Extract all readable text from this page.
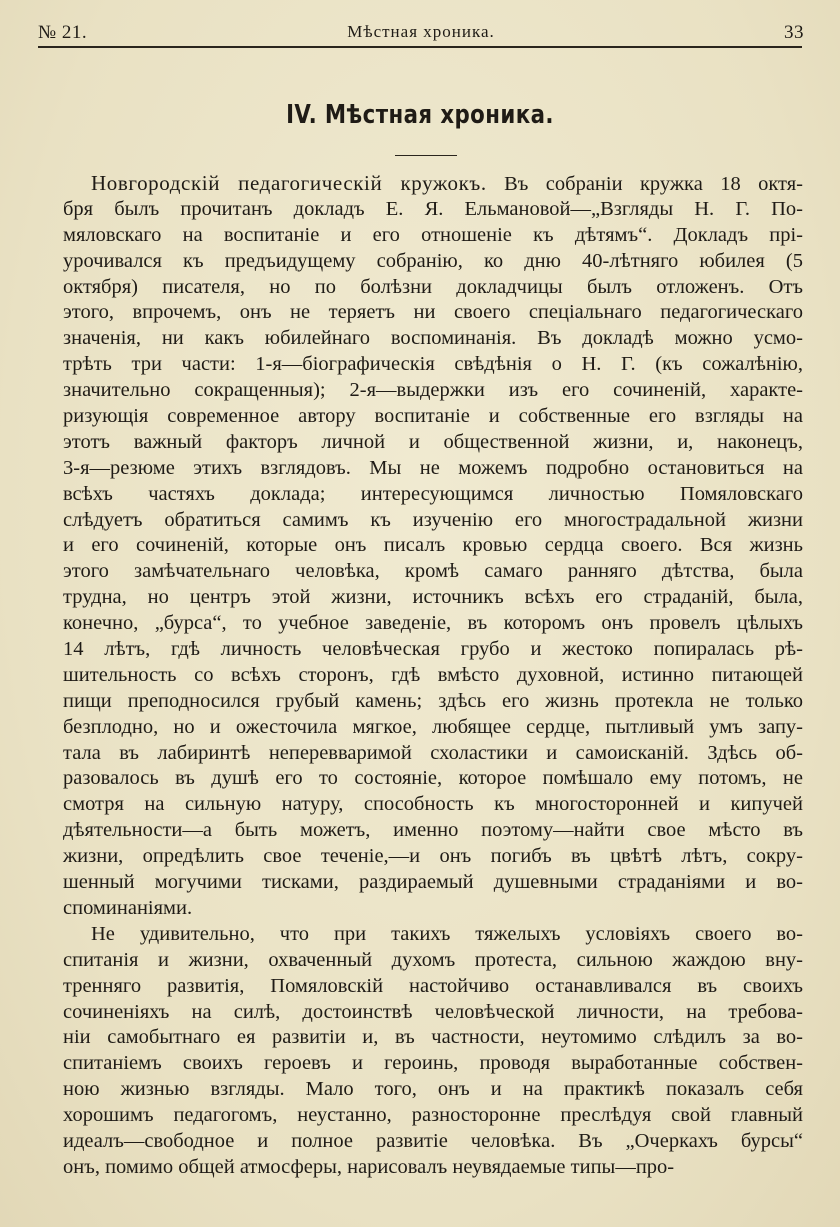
№ 21.	Мѣстная хроника.	33
IV. Мѣстная хроника.
Новгородскiй педагогическiй кружокъ. Въ собранiи кружка 18 октя-
бря былъ прочитанъ докладъ Е. Я. Ельмановой—„Взгляды Н. Г. По-
мяловскаго на воспитанiе и его отношенiе къ дѣтямъ“. Докладъ прi-
урочивался къ предъидущему собранiю, ко дню 40-лѣтняго юбилея (5
октября) писателя, но по болѣзни докладчицы былъ отложенъ. Отъ
этого, впрочемъ, онъ не теряетъ ни своего спецiальнаго педагогическаго
значенiя, ни какъ юбилейнаго воспоминанiя. Въ докладѣ можно усмо-
трѣть три части: 1-я—бiографическiя свѣдѣнiя о Н. Г. (къ сожалѣнiю,
значительно сокращенныя); 2-я—выдержки изъ его сочиненiй, характе-
ризующiя современное автору воспитанiе и собственные его взгляды на
этотъ важный факторъ личной и общественной жизни, и, наконецъ,
3-я—резюме этихъ взглядовъ. Мы не можемъ подробно остановиться на
всѣхъ частяхъ доклада; интересующимся личностью Помяловскаго
слѣдуетъ обратиться самимъ къ изученiю его многострадальной жизни
и его сочиненiй, которые онъ писалъ кровью сердца своего. Вся жизнь
этого замѣчательнаго человѣка, кромѣ самаго ранняго дѣтства, была
трудна, но центръ этой жизни, источникъ всѣхъ его страданiй, была,
конечно, „бурса“, то учебное заведенiе, въ которомъ онъ провелъ цѣлыхъ
14 лѣтъ, гдѣ личность человѣческая грубо и жестоко попиралась рѣ-
шительность со всѣхъ сторонъ, гдѣ вмѣсто духовной, истинно питающей
пищи преподносился грубый камень; здѣсь его жизнь протекла не только
безплодно, но и ожесточила мягкое, любящее сердце, пытливый умъ запу-
тала въ лабиринтѣ неперевваримой схоластики и самоисканiй. Здѣсь об-
разовалось въ душѣ его то состоянiе, которое помѣшало ему потомъ, не
смотря на сильную натуру, способность къ многосторонней и кипучей
дѣятельности—а быть можетъ, именно поэтому—найти свое мѣсто въ
жизни, опредѣлить свое теченiе,—и онъ погибъ въ цвѣтѣ лѣтъ, сокру-
шенный могучими тисками, раздираемый душевными страданiями и во-
споминанiями.
Не удивительно, что при такихъ тяжелыхъ условiяхъ своего во-
спитанiя и жизни, охваченный духомъ протеста, сильною жаждою вну-
тренняго развитiя, Помяловскiй настойчиво останавливался въ своихъ
сочиненiяхъ на силѣ, достоинствѣ человѣческой личности, на требова-
нiи самобытнаго ея развитiи и, въ частности, неутомимо слѣдилъ за во-
спитанiемъ своихъ героевъ и героинь, проводя выработанные собствен-
ною жизнью взгляды. Мало того, онъ и на практикѣ показалъ себя
хорошимъ педагогомъ, неустанно, разносторонне преслѣдуя свой главный
идеалъ—свободное и полное развитiе человѣка. Въ „Очеркахъ бурсы“
онъ, помимо общей атмосферы, нарисовалъ неувядаемые типы—про-
